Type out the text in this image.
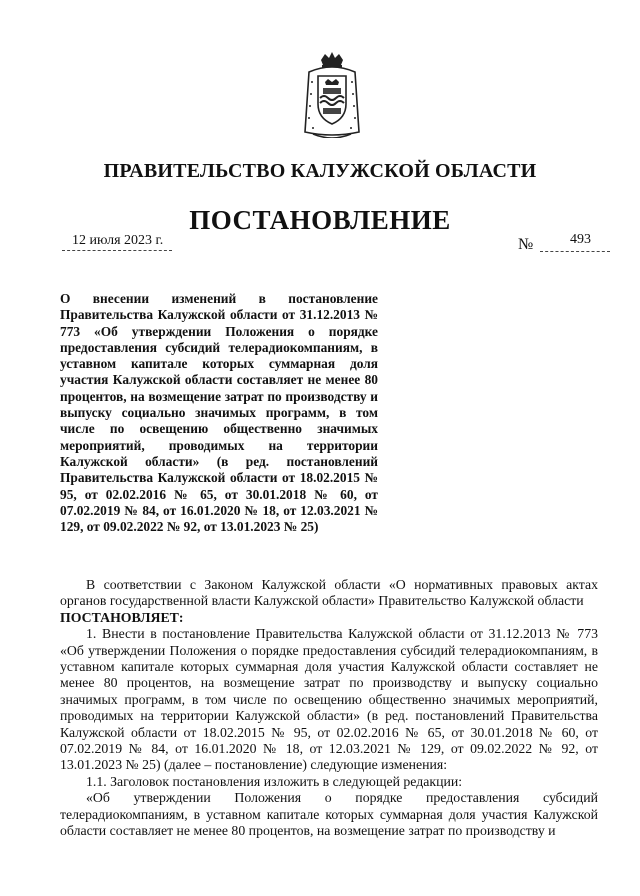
ПРАВИТЕЛЬСТВО КАЛУЖСКОЙ ОБЛАСТИ
ПОСТАНОВЛЕНИЕ
12 июля 2023 г.	№	493
О внесении изменений в постановление Правительства Калужской области от 31.12.2013 № 773 «Об утверждении Положения о порядке предоставления субсидий телерадиокомпаниям, в уставном капитале которых суммарная доля участия Калужской области составляет не менее 80 процентов, на возмещение затрат по производству и выпуску социально значимых программ, в том числе по освещению общественно значимых мероприятий, проводимых на территории Калужской области» (в ред. постановлений Правительства Калужской области от 18.02.2015 № 95, от 02.02.2016 № 65, от 30.01.2018 № 60, от 07.02.2019 № 84, от 16.01.2020 № 18, от 12.03.2021 № 129, от 09.02.2022 № 92, от 13.01.2023 № 25)

В соответствии с Законом Калужской области «О нормативных правовых актах органов государственной власти Калужской области» Правительство Калужской области

ПОСТАНОВЛЯЕТ:

1. Внести в постановление Правительства Калужской области от 31.12.2013 № 773 «Об утверждении Положения о порядке предоставления субсидий телерадиокомпаниям, в уставном капитале которых суммарная доля участия Калужской области составляет не менее 80 процентов, на возмещение затрат по производству и выпуску социально значимых программ, в том числе по освещению общественно значимых мероприятий, проводимых на территории Калужской области» (в ред. постановлений Правительства Калужской области от 18.02.2015 № 95, от 02.02.2016 № 65, от 30.01.2018 № 60, от 07.02.2019 № 84, от 16.01.2020 № 18, от 12.03.2021 № 129, от 09.02.2022 № 92, от 13.01.2023 № 25) (далее – постановление) следующие изменения:

1.1. Заголовок постановления изложить в следующей редакции:

«Об утверждении Положения о порядке предоставления субсидий телерадиокомпаниям, в уставном капитале которых суммарная доля участия Калужской области составляет не менее 80 процентов, на возмещение затрат по производству и
